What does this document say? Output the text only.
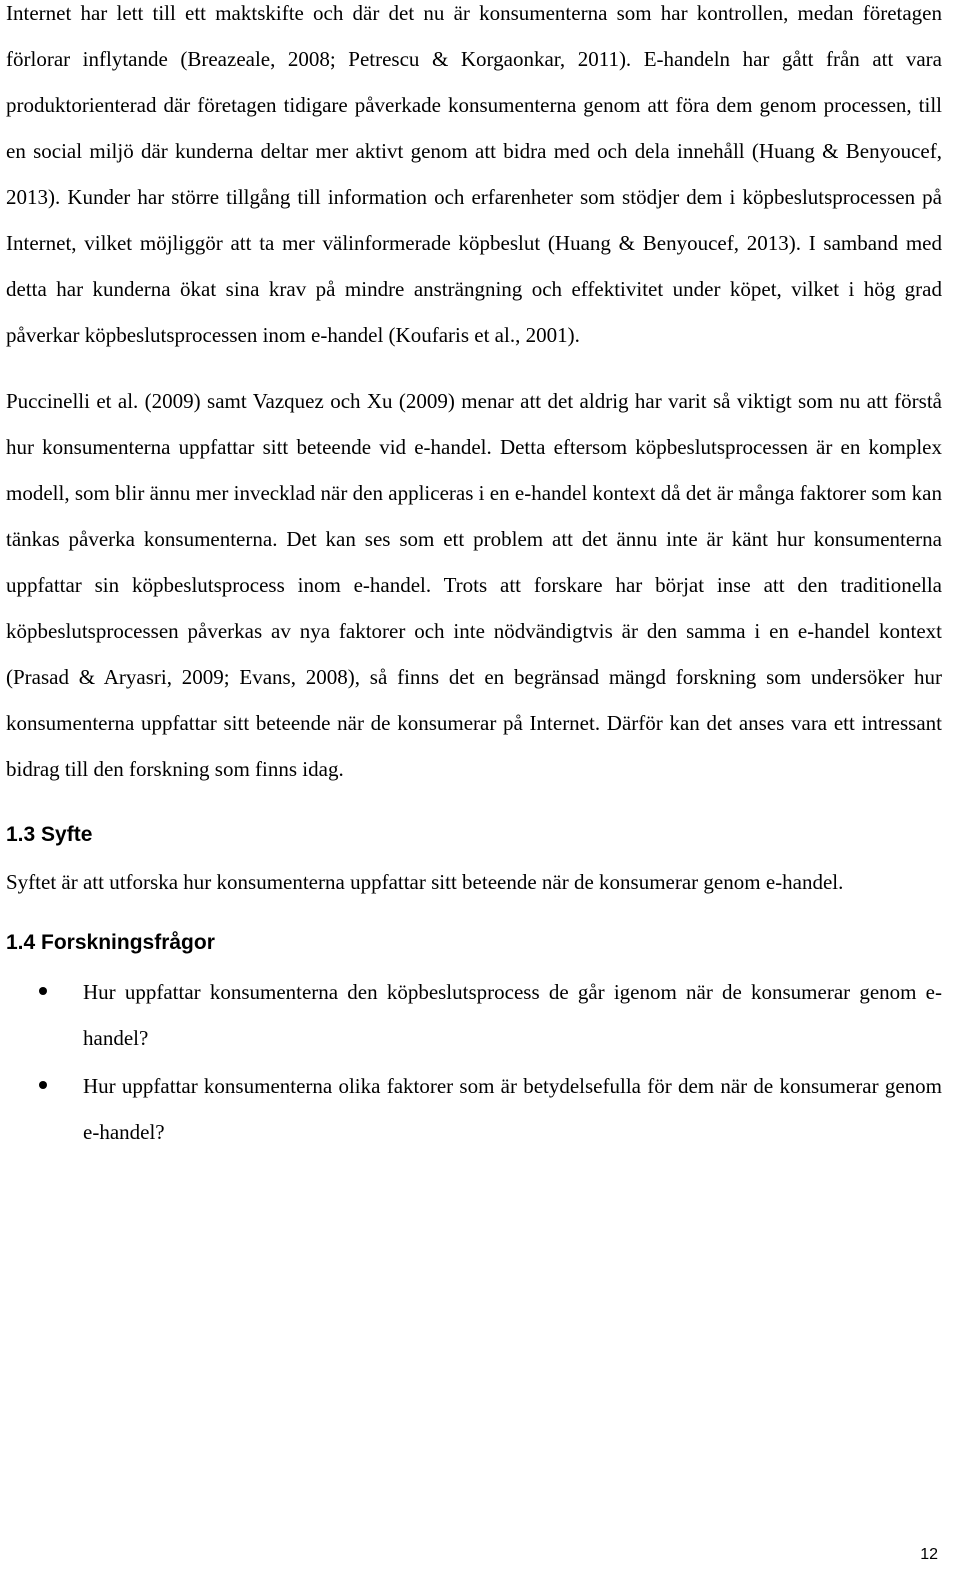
Internet har lett till ett maktskifte och där det nu är konsumenterna som har kontrollen, medan företagen förlorar inflytande (Breazeale, 2008; Petrescu & Korgaonkar, 2011). E-handeln har gått från att vara produktorienterad där företagen tidigare påverkade konsumenterna genom att föra dem genom processen, till en social miljö där kunderna deltar mer aktivt genom att bidra med och dela innehåll (Huang & Benyoucef, 2013). Kunder har större tillgång till information och erfarenheter som stödjer dem i köpbeslutsprocessen på Internet, vilket möjliggör att ta mer välinformerade köpbeslut (Huang & Benyoucef, 2013). I samband med detta har kunderna ökat sina krav på mindre ansträngning och effektivitet under köpet, vilket i hög grad påverkar köpbeslutsprocessen inom e-handel (Koufaris et al., 2001).

Puccinelli et al. (2009) samt Vazquez och Xu (2009) menar att det aldrig har varit så viktigt som nu att förstå hur konsumenterna uppfattar sitt beteende vid e-handel. Detta eftersom köpbeslutsprocessen är en komplex modell, som blir ännu mer invecklad när den appliceras i en e-handel kontext då det är många faktorer som kan tänkas påverka konsumenterna. Det kan ses som ett problem att det ännu inte är känt hur konsumenterna uppfattar sin köpbeslutsprocess inom e-handel. Trots att forskare har börjat inse att den traditionella köpbeslutsprocessen påverkas av nya faktorer och inte nödvändigtvis är den samma i en e-handel kontext (Prasad & Aryasri, 2009; Evans, 2008), så finns det en begränsad mängd forskning som undersöker hur konsumenterna uppfattar sitt beteende när de konsumerar på Internet. Därför kan det anses vara ett intressant bidrag till den forskning som finns idag.

1.3 Syfte

Syftet är att utforska hur konsumenterna uppfattar sitt beteende när de konsumerar genom e-handel.

1.4 Forskningsfrågor
Hur uppfattar konsumenterna den köpbeslutsprocess de går igenom när de konsumerar genom e-handel?
Hur uppfattar konsumenterna olika faktorer som är betydelsefulla för dem när de konsumerar genom e-handel?
12
